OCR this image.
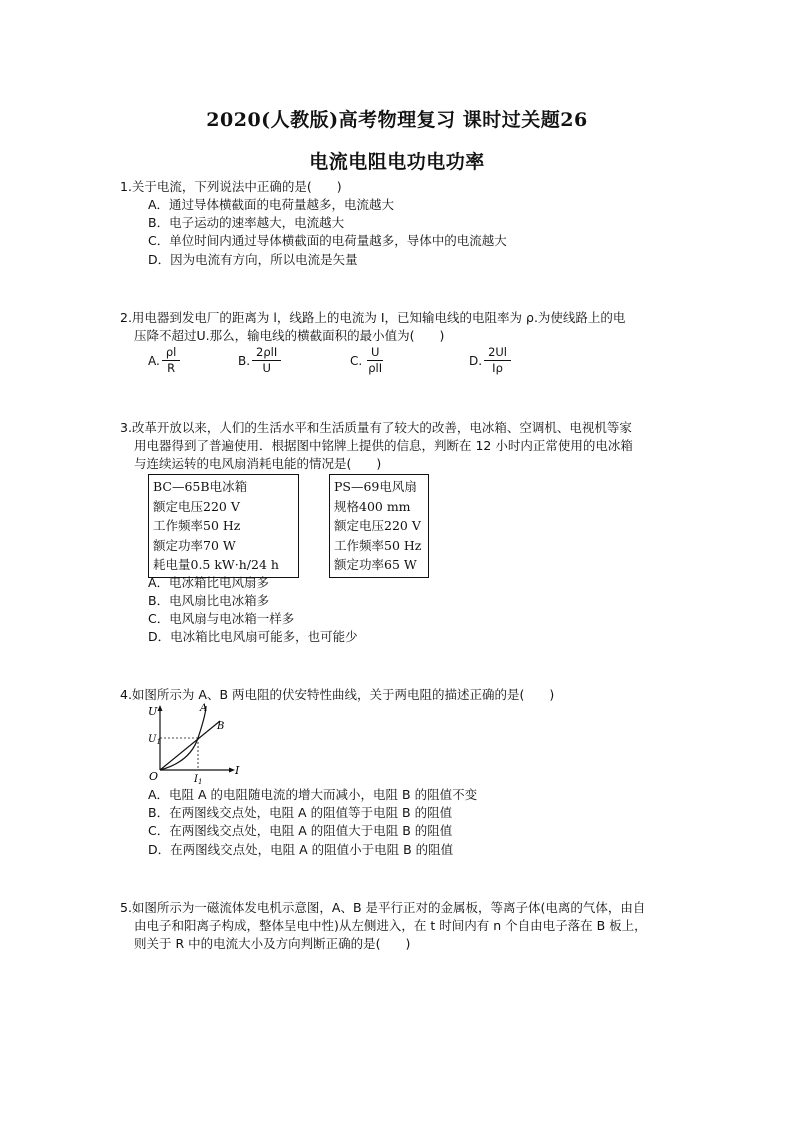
2020(人教版)高考物理复习 课时过关题26
电流电阻电功电功率
1.关于电流，下列说法中正确的是(　　)
A．通过导体横截面的电荷量越多，电流越大
B．电子运动的速率越大，电流越大
C．单位时间内通过导体横截面的电荷量越多，导体中的电流越大
D．因为电流有方向，所以电流是矢量
2.用电器到发电厂的距离为 l，线路上的电流为 I，已知输电线的电阻率为 ρ.为使线路上的电
压降不超过U.那么，输电线的横截面积的最小值为(　　)
A. $\frac{\rho l}{R}$	B. $\frac{\text{2ρlI}}{U}$	C. $\frac{U}{\text{ρlI}}$	D. $\frac{2Ul}{I\rho}$
3.改革开放以来，人们的生活水平和生活质量有了较大的改善，电冰箱、空调机、电视机等家
用电器得到了普遍使用．根据图中铭牌上提供的信息，判断在 12 小时内正常使用的电冰箱
与连续运转的电风扇消耗电能的情况是(　　)
BC—65B电冰箱
额定电压220 V
工作频率50 Hz
额定功率70 W
耗电量0.5 kW·h/24 h
PS—69电风扇
规格400 mm
额定电压220 V
工作频率50 Hz
额定功率65 W
A．电冰箱比电风扇多
B．电风扇比电冰箱多
C．电风扇与电冰箱一样多
D．电冰箱比电风扇可能多，也可能少
4.如图所示为 A、B 两电阻的伏安特性曲线，关于两电阻的描述正确的是(　　)
U
I
O
$U_1$
$I_1$
A
B
A．电阻 A 的电阻随电流的增大而减小，电阻 B 的阻值不变
B．在两图线交点处，电阻 A 的阻值等于电阻 B 的阻值
C．在两图线交点处，电阻 A 的阻值大于电阻 B 的阻值
D．在两图线交点处，电阻 A 的阻值小于电阻 B 的阻值
5.如图所示为一磁流体发电机示意图，A、B 是平行正对的金属板，等离子体(电离的气体，由自
由电子和阳离子构成，整体呈电中性)从左侧进入，在 t 时间内有 n 个自由电子落在 B 板上，
则关于 R 中的电流大小及方向判断正确的是(　　)
